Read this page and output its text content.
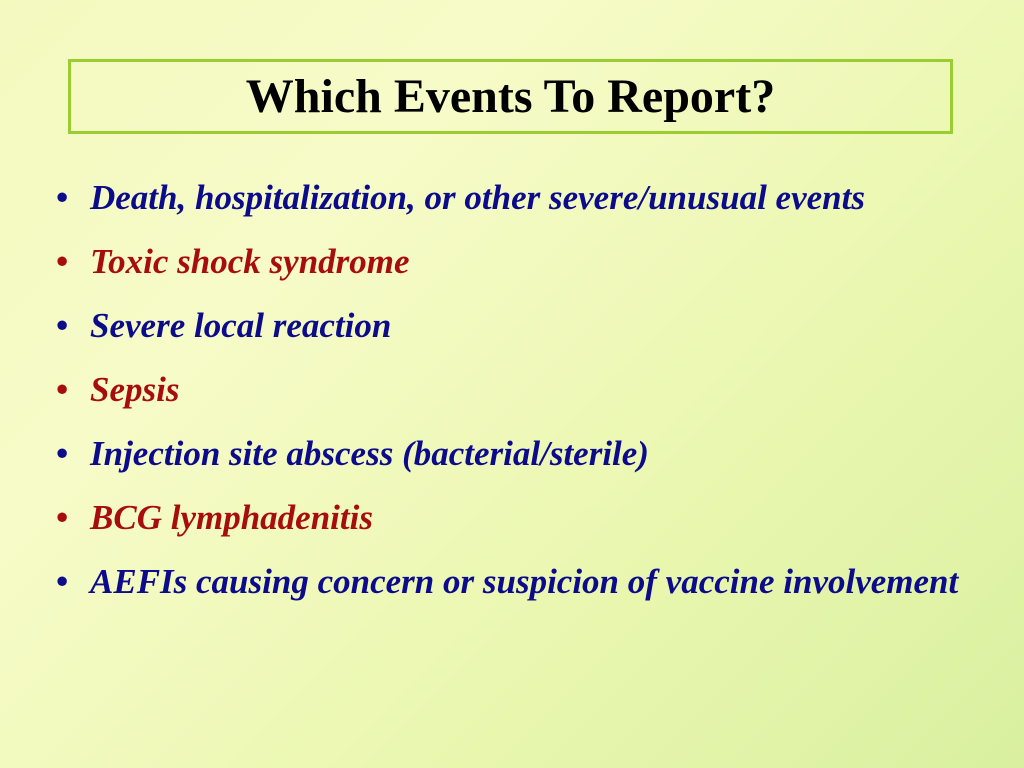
Which Events To Report?
• Death, hospitalization, or other severe/unusual events
• Toxic shock syndrome
• Severe local reaction
• Sepsis
• Injection site abscess (bacterial/sterile)
• BCG lymphadenitis
• AEFIs causing concern or suspicion of vaccine involvement
